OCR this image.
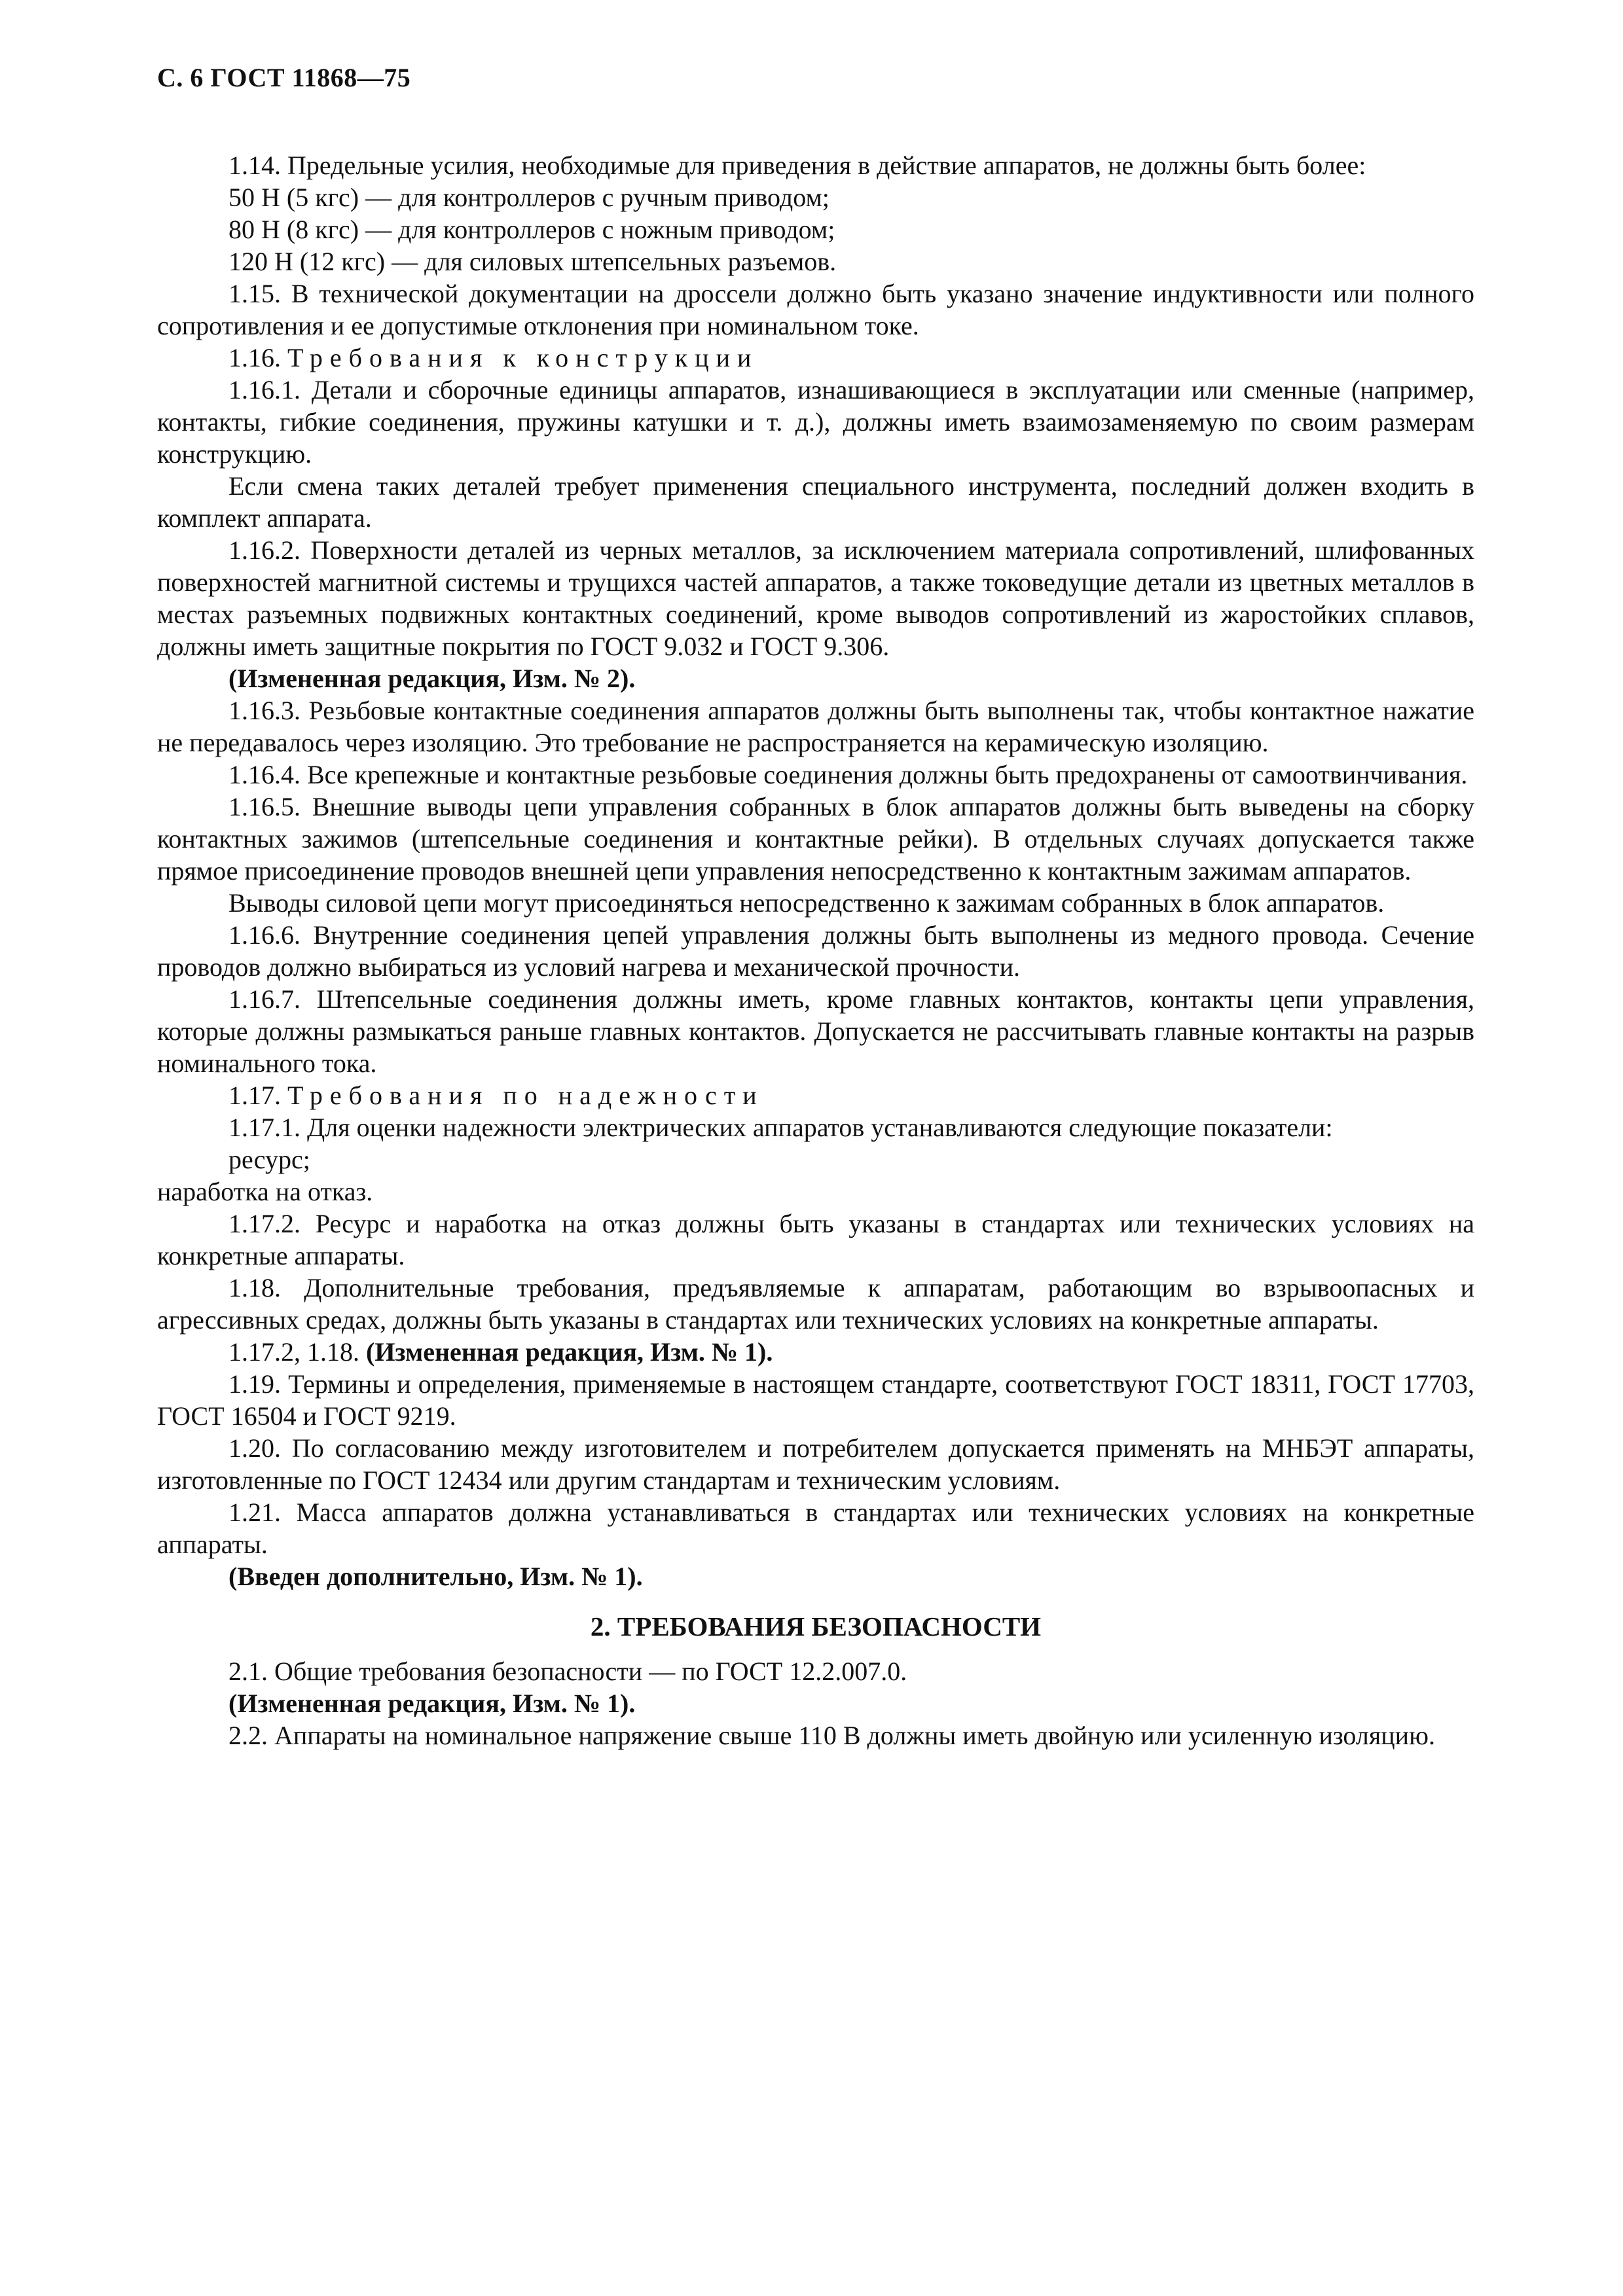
С. 6 ГОСТ 11868—75

1.14. Предельные усилия, необходимые для приведения в действие аппаратов, не должны быть более:

50 Н (5 кгс) — для контроллеров с ручным приводом;

80 Н (8 кгс) — для контроллеров с ножным приводом;

120 Н (12 кгс) — для силовых штепсельных разъемов.

1.15. В технической документации на дроссели должно быть указано значение индуктивности или полного сопротивления и ее допустимые отклонения при номинальном токе.

1.16. Требования к конструкции

1.16.1. Детали и сборочные единицы аппаратов, изнашивающиеся в эксплуатации или сменные (например, контакты, гибкие соединения, пружины катушки и т. д.), должны иметь взаимозаменяемую по своим размерам конструкцию.

Если смена таких деталей требует применения специального инструмента, последний должен входить в комплект аппарата.

1.16.2. Поверхности деталей из черных металлов, за исключением материала сопротивлений, шлифованных поверхностей магнитной системы и трущихся частей аппаратов, а также токоведущие детали из цветных металлов в местах разъемных подвижных контактных соединений, кроме выводов сопротивлений из жаростойких сплавов, должны иметь защитные покрытия по ГОСТ 9.032 и ГОСТ 9.306.

(Измененная редакция, Изм. № 2).

1.16.3. Резьбовые контактные соединения аппаратов должны быть выполнены так, чтобы контактное нажатие не передавалось через изоляцию. Это требование не распространяется на керамическую изоляцию.

1.16.4. Все крепежные и контактные резьбовые соединения должны быть предохранены от самоотвинчивания.

1.16.5. Внешние выводы цепи управления собранных в блок аппаратов должны быть выведены на сборку контактных зажимов (штепсельные соединения и контактные рейки). В отдельных случаях допускается также прямое присоединение проводов внешней цепи управления непосредственно к контактным зажимам аппаратов.

Выводы силовой цепи могут присоединяться непосредственно к зажимам собранных в блок аппаратов.

1.16.6. Внутренние соединения цепей управления должны быть выполнены из медного провода. Сечение проводов должно выбираться из условий нагрева и механической прочности.

1.16.7. Штепсельные соединения должны иметь, кроме главных контактов, контакты цепи управления, которые должны размыкаться раньше главных контактов. Допускается не рассчитывать главные контакты на разрыв номинального тока.

1.17. Требования по надежности

1.17.1. Для оценки надежности электрических аппаратов устанавливаются следующие показатели:

ресурс;

наработка на отказ.

1.17.2. Ресурс и наработка на отказ должны быть указаны в стандартах или технических условиях на конкретные аппараты.

1.18. Дополнительные требования, предъявляемые к аппаратам, работающим во взрывоопасных и агрессивных средах, должны быть указаны в стандартах или технических условиях на конкретные аппараты.

1.17.2, 1.18. (Измененная редакция, Изм. № 1).

1.19. Термины и определения, применяемые в настоящем стандарте, соответствуют ГОСТ 18311, ГОСТ 17703, ГОСТ 16504 и ГОСТ 9219.

1.20. По согласованию между изготовителем и потребителем допускается применять на МНБЭТ аппараты, изготовленные по ГОСТ 12434 или другим стандартам и техническим условиям.

1.21. Масса аппаратов должна устанавливаться в стандартах или технических условиях на конкретные аппараты.

(Введен дополнительно, Изм. № 1).

2. ТРЕБОВАНИЯ БЕЗОПАСНОСТИ

2.1. Общие требования безопасности — по ГОСТ 12.2.007.0.

(Измененная редакция, Изм. № 1).

2.2. Аппараты на номинальное напряжение свыше 110 В должны иметь двойную или усиленную изоляцию.
